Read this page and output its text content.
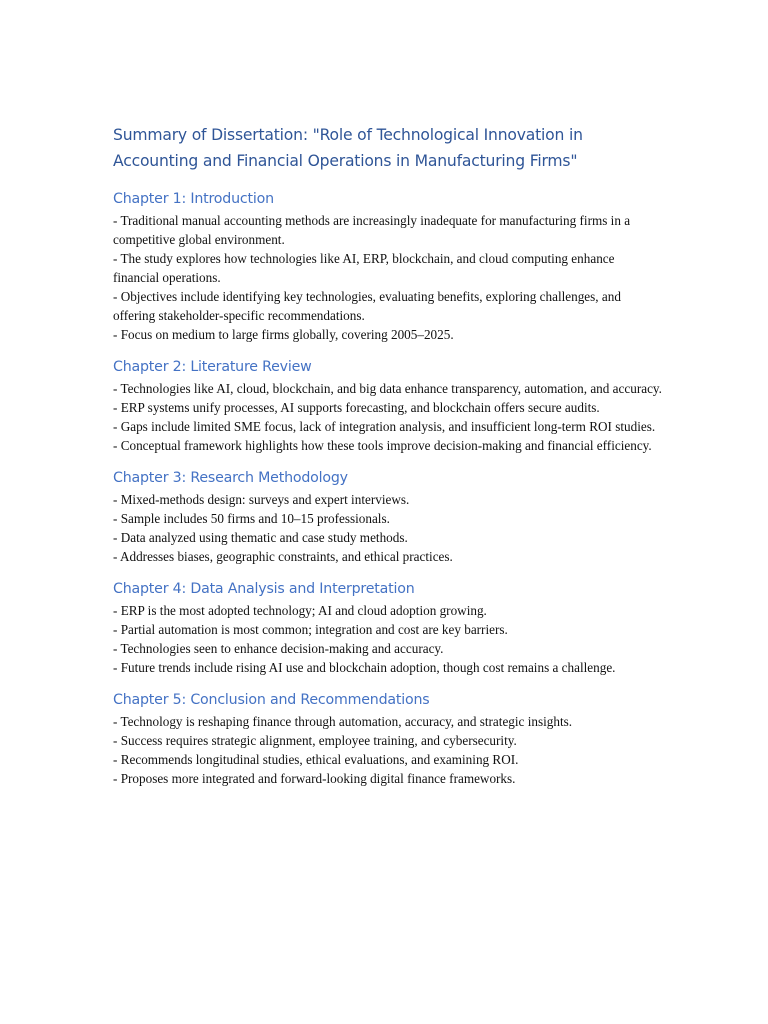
Summary of Dissertation: "Role of Technological Innovation in Accounting and Financial Operations in Manufacturing Firms"
Chapter 1: Introduction
- Traditional manual accounting methods are increasingly inadequate for manufacturing firms in a competitive global environment.
- The study explores how technologies like AI, ERP, blockchain, and cloud computing enhance financial operations.
- Objectives include identifying key technologies, evaluating benefits, exploring challenges, and offering stakeholder-specific recommendations.
- Focus on medium to large firms globally, covering 2005–2025.
Chapter 2: Literature Review
- Technologies like AI, cloud, blockchain, and big data enhance transparency, automation, and accuracy.
- ERP systems unify processes, AI supports forecasting, and blockchain offers secure audits.
- Gaps include limited SME focus, lack of integration analysis, and insufficient long-term ROI studies.
- Conceptual framework highlights how these tools improve decision-making and financial efficiency.
Chapter 3: Research Methodology
- Mixed-methods design: surveys and expert interviews.
- Sample includes 50 firms and 10–15 professionals.
- Data analyzed using thematic and case study methods.
- Addresses biases, geographic constraints, and ethical practices.
Chapter 4: Data Analysis and Interpretation
- ERP is the most adopted technology; AI and cloud adoption growing.
- Partial automation is most common; integration and cost are key barriers.
- Technologies seen to enhance decision-making and accuracy.
- Future trends include rising AI use and blockchain adoption, though cost remains a challenge.
Chapter 5: Conclusion and Recommendations
- Technology is reshaping finance through automation, accuracy, and strategic insights.
- Success requires strategic alignment, employee training, and cybersecurity.
- Recommends longitudinal studies, ethical evaluations, and examining ROI.
- Proposes more integrated and forward-looking digital finance frameworks.
